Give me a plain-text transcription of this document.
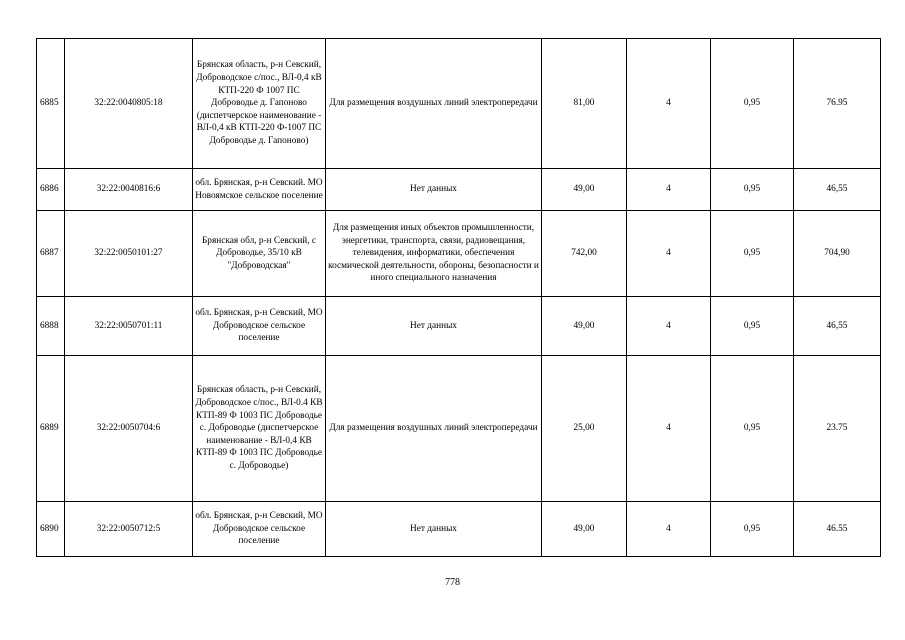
6885	32:22:0040805:18	Брянская область, р-н Севский, Доброводское с/пос., ВЛ-0,4 кВ КТП-220 Ф 1007 ПС Доброводье д. Гапоново (диспетчерское наименование - ВЛ-0,4 кВ КТП-220 Ф-1007 ПС Доброводье д. Гапоново)	Для размещения воздушных линий электропередачи	81,00	4	0,95	76.95
6886	32:22:0040816:6	обл. Брянская, р-н Севский. МО Новоямское сельское поселение	Нет данных	49,00	4	0,95	46,55
6887	32:22:0050101:27	Брянская обл, р-н Севский, с Доброводье, 35/10 кВ "Доброводская"	Для размещения иных объектов промышленности, энергетики, транспорта, связи, радиовещания, телевидения, информатики, обеспечения космической деятельности, обороны, безопасности и иного специального назначения	742,00	4	0,95	704,90
6888	32:22:0050701:11	обл. Брянская, р-н Севский, МО Доброводское сельское поселение	Нет данных	49,00	4	0,95	46,55
6889	32:22:0050704:6	Брянская область, р-н Севский, Доброводское с/пос., ВЛ-0.4 КВ КТП-89 Ф 1003 ПС Доброводье с. Доброводье (диспетчерское наименование - ВЛ-0,4 КВ КТП-89 Ф 1003 ПС Доброводье с. Доброводье)	Для размещения воздушных линий электропередачи	25,00	4	0,95	23.75
6890	32:22:0050712:5	обл. Брянская, р-н Севский, МО Доброводское сельское поселение	Нет данных	49,00	4	0,95	46.55
778
